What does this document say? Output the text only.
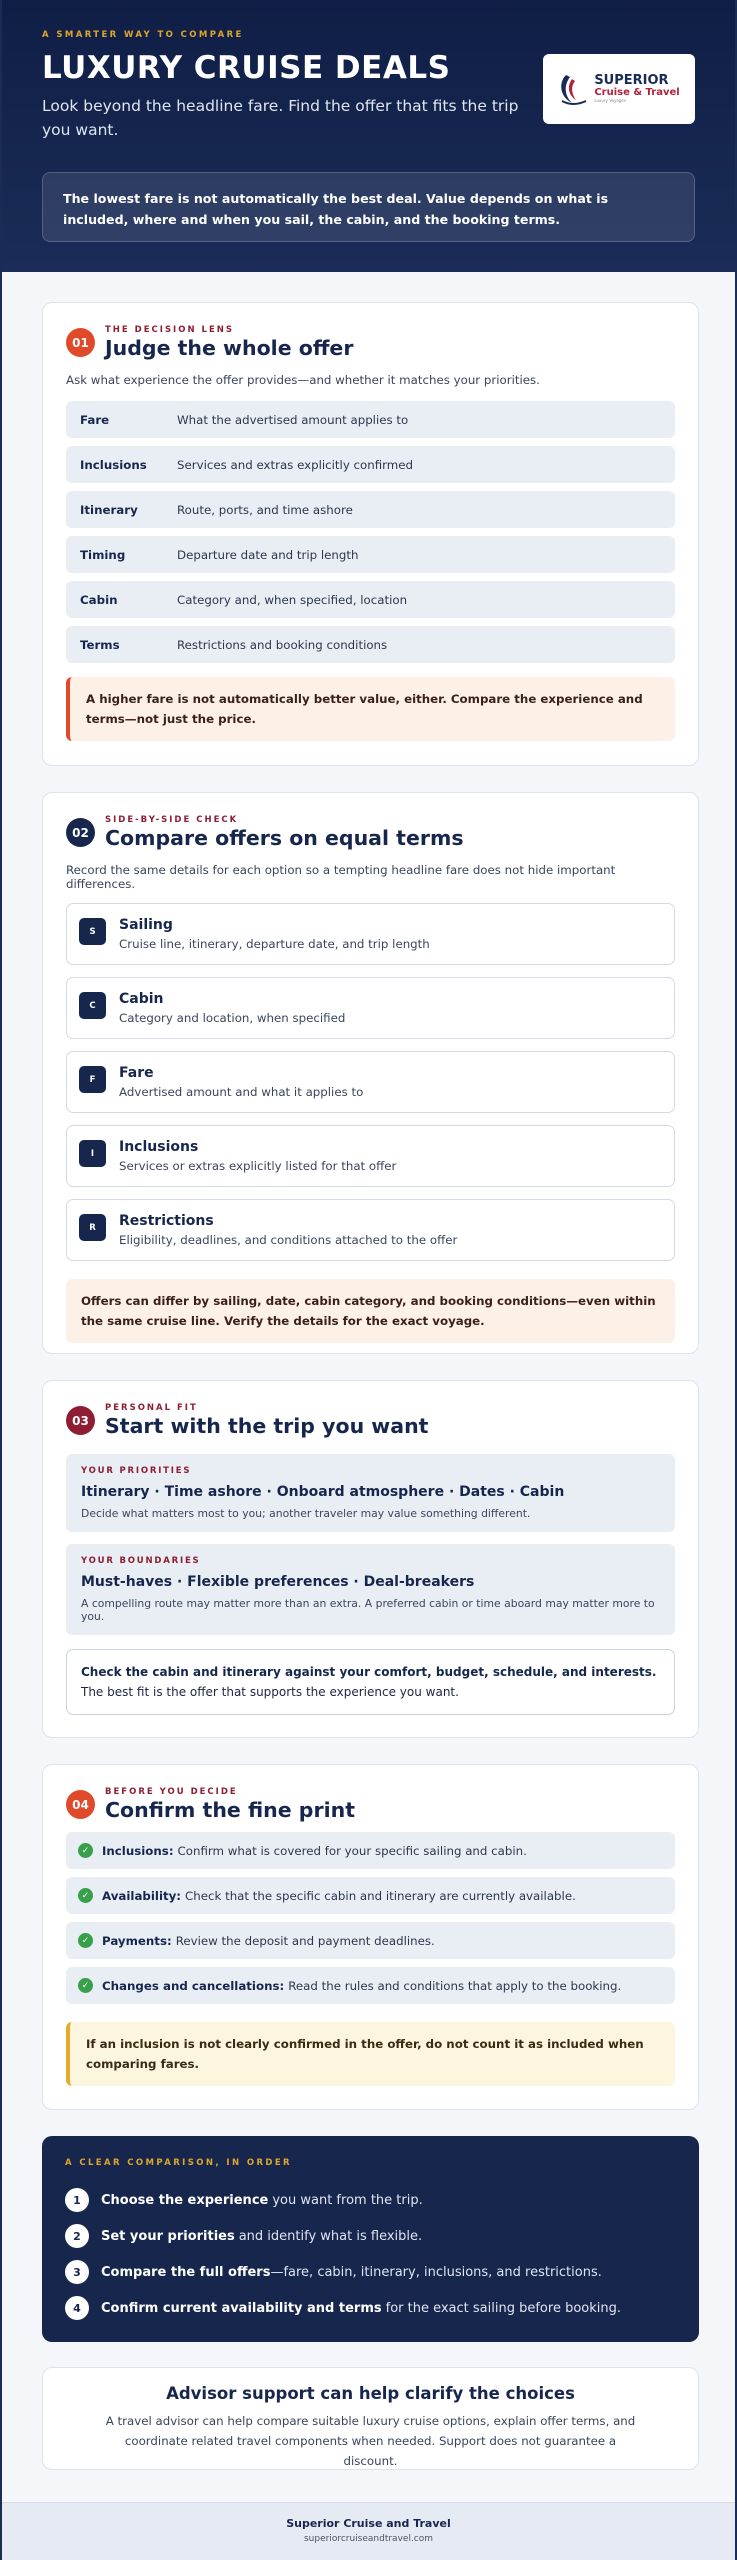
A SMARTER WAY TO COMPARE
LUXURY CRUISE DEALS
Look beyond the headline fare. Find the offer that fits the trip you want.
SUPERIOR
Cruise & Travel
Luxury Voyages
The lowest fare is not automatically the best deal. Value depends on what is included, where and when you sail, the cabin, and the booking terms.
01
THE DECISION LENS
Judge the whole offer
Ask what experience the offer provides—and whether it matches your priorities.
Fare	What the advertised amount applies to
Inclusions	Services and extras explicitly confirmed
Itinerary	Route, ports, and time ashore
Timing	Departure date and trip length
Cabin	Category and, when specified, location
Terms	Restrictions and booking conditions
A higher fare is not automatically better value, either. Compare the experience and terms—not just the price.
02
SIDE-BY-SIDE CHECK
Compare offers on equal terms
Record the same details for each option so a tempting headline fare does not hide important differences.
S	Sailing
Cruise line, itinerary, departure date, and trip length
C	Cabin
Category and location, when specified
F	Fare
Advertised amount and what it applies to
I	Inclusions
Services or extras explicitly listed for that offer
R	Restrictions
Eligibility, deadlines, and conditions attached to the offer
Offers can differ by sailing, date, cabin category, and booking conditions—even within the same cruise line. Verify the details for the exact voyage.
03
PERSONAL FIT
Start with the trip you want
YOUR PRIORITIES
Itinerary · Time ashore · Onboard atmosphere · Dates · Cabin
Decide what matters most to you; another traveler may value something different.
YOUR BOUNDARIES
Must-haves · Flexible preferences · Deal-breakers
A compelling route may matter more than an extra. A preferred cabin or time aboard may matter more to you.
Check the cabin and itinerary against your comfort, budget, schedule, and interests. The best fit is the offer that supports the experience you want.
04
BEFORE YOU DECIDE
Confirm the fine print
✓	Inclusions: Confirm what is covered for your specific sailing and cabin.
✓	Availability: Check that the specific cabin and itinerary are currently available.
✓	Payments: Review the deposit and payment deadlines.
✓	Changes and cancellations: Read the rules and conditions that apply to the booking.
If an inclusion is not clearly confirmed in the offer, do not count it as included when comparing fares.
A CLEAR COMPARISON, IN ORDER
1	Choose the experience you want from the trip.
2	Set your priorities and identify what is flexible.
3	Compare the full offers —fare, cabin, itinerary, inclusions, and restrictions.
4	Confirm current availability and terms for the exact sailing before booking.
Advisor support can help clarify the choices
A travel advisor can help compare suitable luxury cruise options, explain offer terms, and coordinate related travel components when needed. Support does not guarantee a discount.
Superior Cruise and Travel
superiorcruiseandtravel.com
